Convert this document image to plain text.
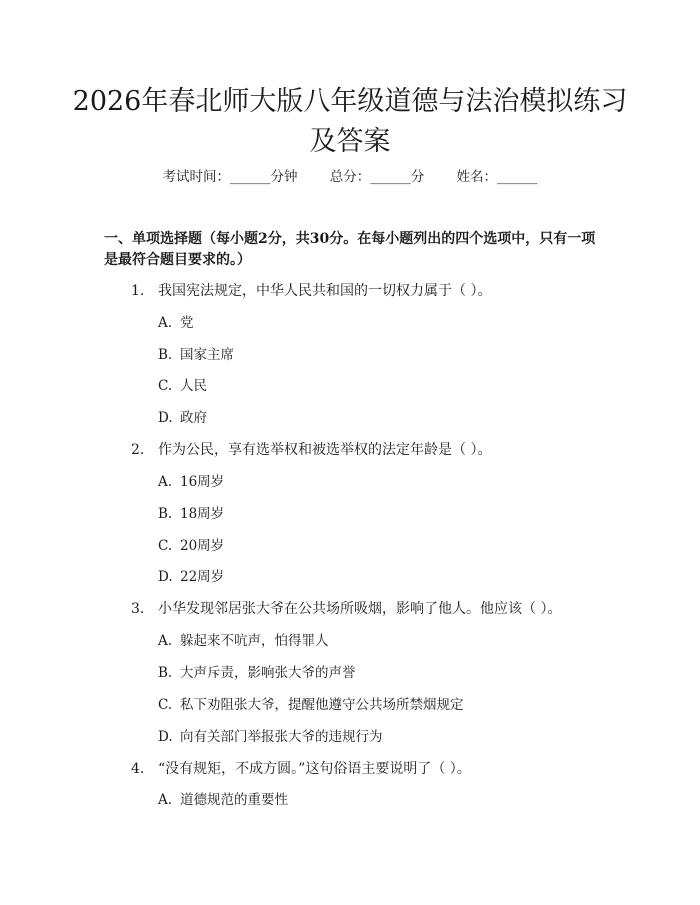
2026年春北师大版八年级道德与法治模拟练习及答案
考试时间：______分钟 总分：______分 姓名：______

一、单项选择题（每小题2分，共30分。在每小题列出的四个选项中，只有一项是最符合题目要求的。）

1. 我国宪法规定，中华人民共和国的一切权力属于（ ）。
A. 党
B. 国家主席
C. 人民
D. 政府
2. 作为公民，享有选举权和被选举权的法定年龄是（ ）。
A. 16周岁
B. 18周岁
C. 20周岁
D. 22周岁
3. 小华发现邻居张大爷在公共场所吸烟，影响了他人。他应该（ ）。
A. 躲起来不吭声，怕得罪人
B. 大声斥责，影响张大爷的声誉
C. 私下劝阻张大爷，提醒他遵守公共场所禁烟规定
D. 向有关部门举报张大爷的违规行为
4. “没有规矩，不成方圆。”这句俗语主要说明了（ ）。
A. 道德规范的重要性
